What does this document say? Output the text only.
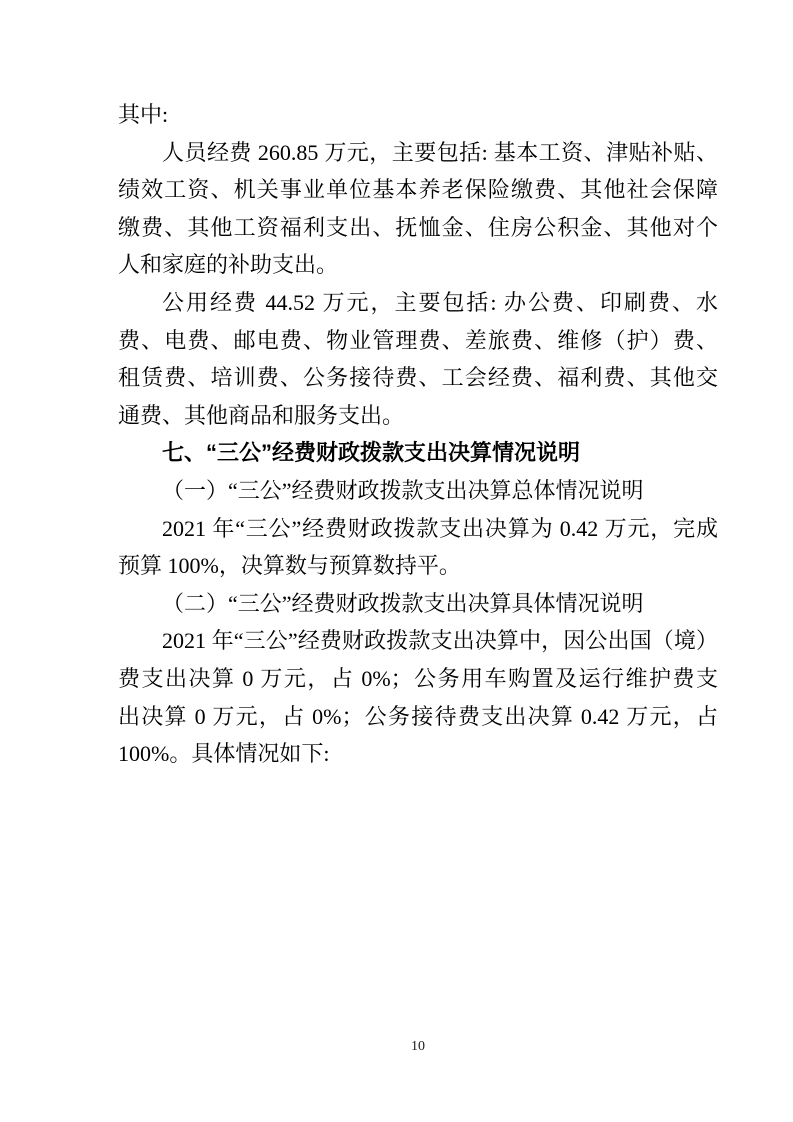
其中:
人员经费 260.85 万元，主要包括: 基本工资、津贴补贴、
绩效工资、机关事业单位基本养老保险缴费、其他社会保障
缴费、其他工资福利支出、抚恤金、住房公积金、其他对个
人和家庭的补助支出。
公用经费 44.52 万元，主要包括: 办公费、印刷费、水
费、电费、邮电费、物业管理费、差旅费、维修（护）费、
租赁费、培训费、公务接待费、工会经费、福利费、其他交
通费、其他商品和服务支出。
七、“三公”经费财政拨款支出决算情况说明
（一）“三公”经费财政拨款支出决算总体情况说明
2021 年“三公”经费财政拨款支出决算为 0.42 万元，完成
预算 100%，决算数与预算数持平。
（二）“三公”经费财政拨款支出决算具体情况说明
2021 年“三公”经费财政拨款支出决算中，因公出国（境）
费支出决算 0 万元，占 0%；公务用车购置及运行维护费支
出决算 0 万元，占 0%；公务接待费支出决算 0.42 万元，占
100%。具体情况如下:
10
